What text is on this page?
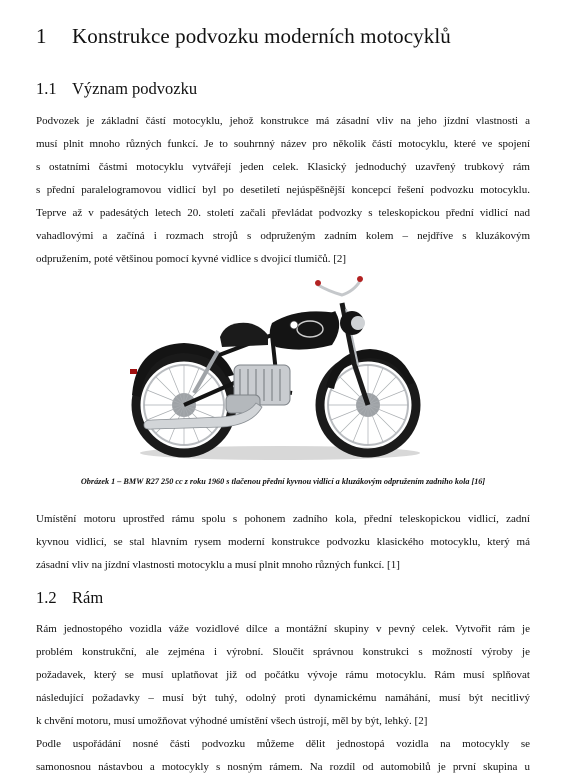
1 Konstrukce podvozku moderních motocyklů
1.1 Význam podvozku
Podvozek je základní částí motocyklu, jehož konstrukce má zásadní vliv na jeho jízdní vlastnosti a
musí plnit mnoho různých funkcí. Je to souhrnný název pro několik částí motocyklu, které ve spojení
s ostatními částmi motocyklu vytvářejí jeden celek. Klasický jednoduchý uzavřený trubkový rám
s přední paralelogramovou vidlicí byl po desetiletí nejúspěšnější koncepcí řešení podvozku motocyklu.
Teprve až v padesátých letech 20. století začali převládat podvozky s teleskopickou přední vidlicí nad
vahadlovými a začíná i rozmach strojů s odpruženým zadním kolem – nejdříve s kluzákovým
odpružením, poté většinou pomocí kyvné vidlice s dvojicí tlumičů. [2]

Obrázek 1 – BMW R27 250 cc z roku 1960 s tlačenou přední kyvnou vidlicí a kluzákovým odpružením zadního kola [16]

Umístění motoru uprostřed rámu spolu s pohonem zadního kola, přední teleskopickou vidlicí, zadní
kyvnou vidlicí, se stal hlavním rysem moderní konstrukce podvozku klasického motocyklu, který má
zásadní vliv na jízdní vlastnosti motocyklu a musí plnit mnoho různých funkcí. [1]
1.2 Rám
Rám jednostopého vozidla váže vozidlové dílce a montážní skupiny v pevný celek. Vytvořit rám je
problém konstrukční, ale zejména i výrobní. Sloučit správnou konstrukci s možností výroby je
požadavek, který se musí uplatňovat již od počátku vývoje rámu motocyklu. Rám musí splňovat
následující požadavky – musí být tuhý, odolný proti dynamickému namáhání, musí být necitlivý
k chvění motoru, musí umožňovat výhodné umístění všech ústrojí, měl by být, lehký. [2]
Podle uspořádání nosné části podvozku můžeme dělit jednostopá vozidla na motocykly se
samonosnou nástavbou a motocykly s nosným rámem. Na rozdíl od automobilů je první skupina u
